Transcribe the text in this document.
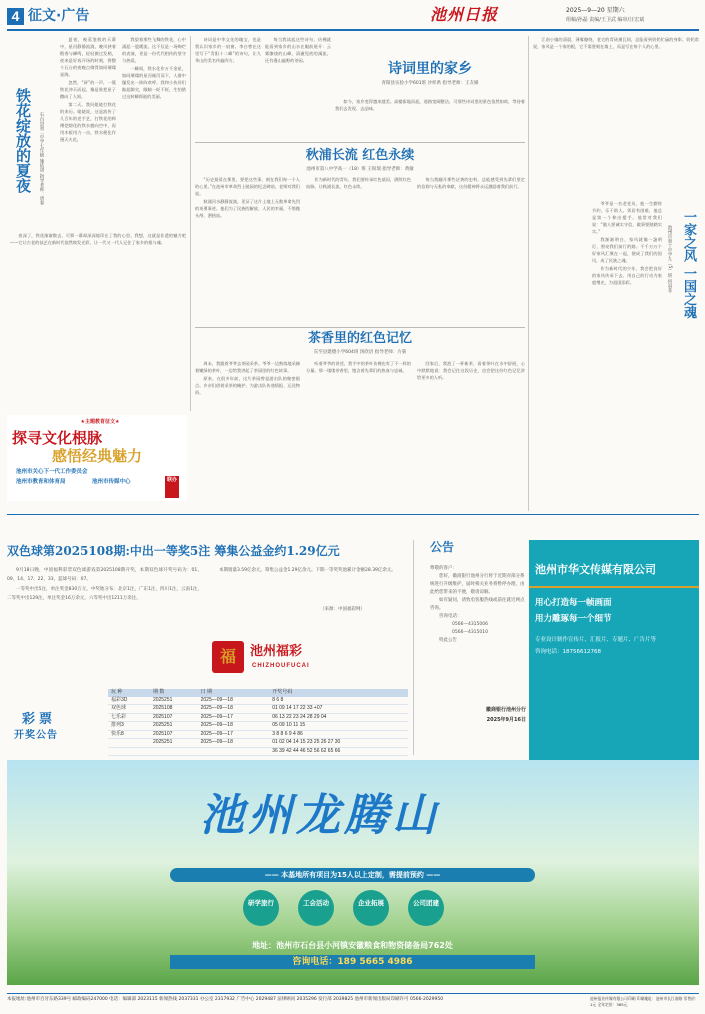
4 征文·广告	池州日报	2025—9—20 星期六
组稿/孙磊 责编/王卫武 编审/汪宏斌
铁花绽放的夏夜 石台县第二中学七年级 施依诺 指导老师：唐春

夏夜，被蒸笼般的天幕中，星河静静流淌，晚风挟着稻香与蝉鸣，轻轻掀过发梢，夜来是好戏开场的时刻，将整个石台的夜晚点缀得如同璀璨星海。

忽然，“砰”的一声，一簇铁花冲天而起，像是谁把星子撒向了人间。

第二天，我问姥姥打铁花的来历。姥姥说，这是流传了几百年的老手艺，打铁花的师傅把熔化的铁水抛向空中，再用木板用力一击，铁水便化作漫天火花。

我望着那些飞舞的铁花，心中涌起一股暖流。这不仅是一场绚烂的表演，更是一份代代相传的坚守与热爱。

一瞬间，铁水化作万千金星，如同璀璨的星河倾泻而下，人群中爆发出一阵阵欢呼。我和小伙伴们踮起脚尖，眼睛一眨不眨，生怕错过这转瞬即逝的美丽。

夜深了，铁花渐渐散去，可那一幕却深深地印在了我的心里。我想，这就是非遗的魅力吧——它让古老的技艺在新时代依然焕发光彩，让一代又一代人记住了家乡的根与魂。

★主题教育征文★
探寻文化根脉
感悟经典魅力
池州市关心下一代工作委员会
池州市教育和体育局	池州市传媒中心	联办

诗词是中华文化的瑰宝，也是我认识家乡的一扇窗。李白曾在这里写下“青阳十二峰”的诗句，让九华山的美名传遍四方。

每当我读起这些诗句，仿佛就能看到家乡的山水在眼前展开：云雾缭绕的山峰，清澈见底的溪流，还有漫山遍野的茶园。

诗词里的家乡
青阳县实验小学601班 沙梓禹 指导老师：王友娣

如今，家乡变得越来越美。高楼拔地而起，道路宽阔整洁，可那些诗词里的景色依然如故，等待着我们去发现、去品味。

秋浦长流 红色永续
池州市第八中学高一（18）班 王锐瑞 指导老师：黄敏

“历史最爱在那里，要把这些事，刻在我们每一个人的心里。”在池州市革命烈士陵园的纪念碑前，老师对我们说。

秋浦河水静静流淌，见证了这片土地上无数革命先烈的英勇事迹。他们为了民族的解放、人民的幸福，不惜抛头颅、洒热血。

作为新时代的青年，我们要传承红色基因，赓续红色血脉，让秋浦长流，红色永续。

每当我翻开那些泛黄的史料，总能感受到先辈们坚定的信仰与无私的奉献，这份精神将永远激励着我们前行。

茶香里的红色记忆
东至县建德小学604班 汤欣语 指导老师：方菊

周末，我跟着爷爷去茶园采茶。爷爷一边熟练地采摘着嫩绿的茶叶，一边给我讲起了茶园里的红色故事。

原来，在很多年前，这片茶园曾是游击队的秘密据点。乡亲们借着采茶的掩护，为游击队传递情报、运送物资。

听着爷爷的讲述，我手中的茶叶仿佛也有了不一样的分量。那一缕缕茶香里，饱含着先辈们的热血与忠诚。

回家后，我泡了一杯新茶，看着茶叶在水中舒展，心中默默地说：我会记住这段历史，也会把这份红色记忆讲给更多的人听。

江南小镇的清晨，薄雾缭绕，老宅的青砖黛瓦间，总能看到奶奶忙碌的身影。奶奶常说，家风是一个家的根，它不需要刻在墙上，而是写在每个人的心里。

一家之风 一国之魂
池州市第十中学九（5）班 何羽菲

爷爷是一名老党员，他一生勤俭节约，乐于助人。邻居有困难，他总是第一个伸出援手。他常对我们说：“做人要诚实守信，做事要踏踏实实。”

我渐渐明白，家风就像一盏明灯，照亮我们前行的路。千千万万个好家风汇聚在一起，便成了我们的国风，成了民族之魂。

作为新时代的少年，我会把良好的家风传承下去，用自己的行动为家庭增光，为祖国添彩。

双色球第2025108期:中出一等奖5注 筹集公益金约1.29亿元

9月18日晚，中国福利彩票双色球游戏第2025108期开奖，本期双色球开奖号码为：01、09、14、17、22、33，蓝球号码：07。

一等奖中出5注，单注奖金830万元，中奖地分布：北京1注，广东1注，四川1注，云南1注，二等奖中出129注，单注奖金16万余元，六等奖中出1211万余注。

本期销量3.59亿余元，筹集公益金1.29亿余元。下期一等奖奖池累计金额28.39亿余元。

（来源：中国福彩网）
福	池州福彩
CHIZHOUFUCAI
彩票
开奖公告
玩 种	期 数	日 期	开奖号码
福彩3D	2025251	2025—09—18	8 6 8
双色球	2025108	2025—09—18	01 09 14 17 22 33 +07
七乐彩	2025107	2025—09—17	06 13 22 23 24 28 29 04
排列3	2025251	2025—09—18	05 09 10 11 15
快乐8	2025107	2025—09—17	3 8 8 6 9 4 86
	2025251	2025—09—18	01 02 04 14 15 23 25 26 27 30
			36 39 42 44 46 52 56 62 65 66
公告
尊敬的客户：
您好，徽商银行池州分行将于近期对部分系统进行升级维护，届时相关业务将暂停办理，由此给您带来的不便，敬请谅解。
如有疑问，请致电客服热线或前往就近网点咨询。
咨询电话：
0566—4315006
0566—4315010
特此公告
徽商银行池州分行
2025年9月16日
池州市华文传媒有限公司
用心打造每一帧画面
用力雕琢每一个细节
专业设计制作宣传片、汇报片、专题片、广告片等
咨询电话：18756612768
池州龙腾山
—— 本基地所有项目为15人以上定制，需提前预约 ——
研学旅行	工会活动	企业拓展	公司团建
地址：池州市石台县小河镇安徽粮食和物资储备局762处
咨询电话：189 5665 4986
本报地址:池州市百牙东路339号 邮政编码247000 电话：编辑部 2023115 新闻热线 2037331 办公室 2317932 广告中心 2029487 法律顾问 2035296 发行部 2039825 池州市新闻出版局印刷许可 0566-2029950	池州报业传媒有限公司印刷 印刷地址：池州市长江南路 零售价：1元 全年定价：365元
